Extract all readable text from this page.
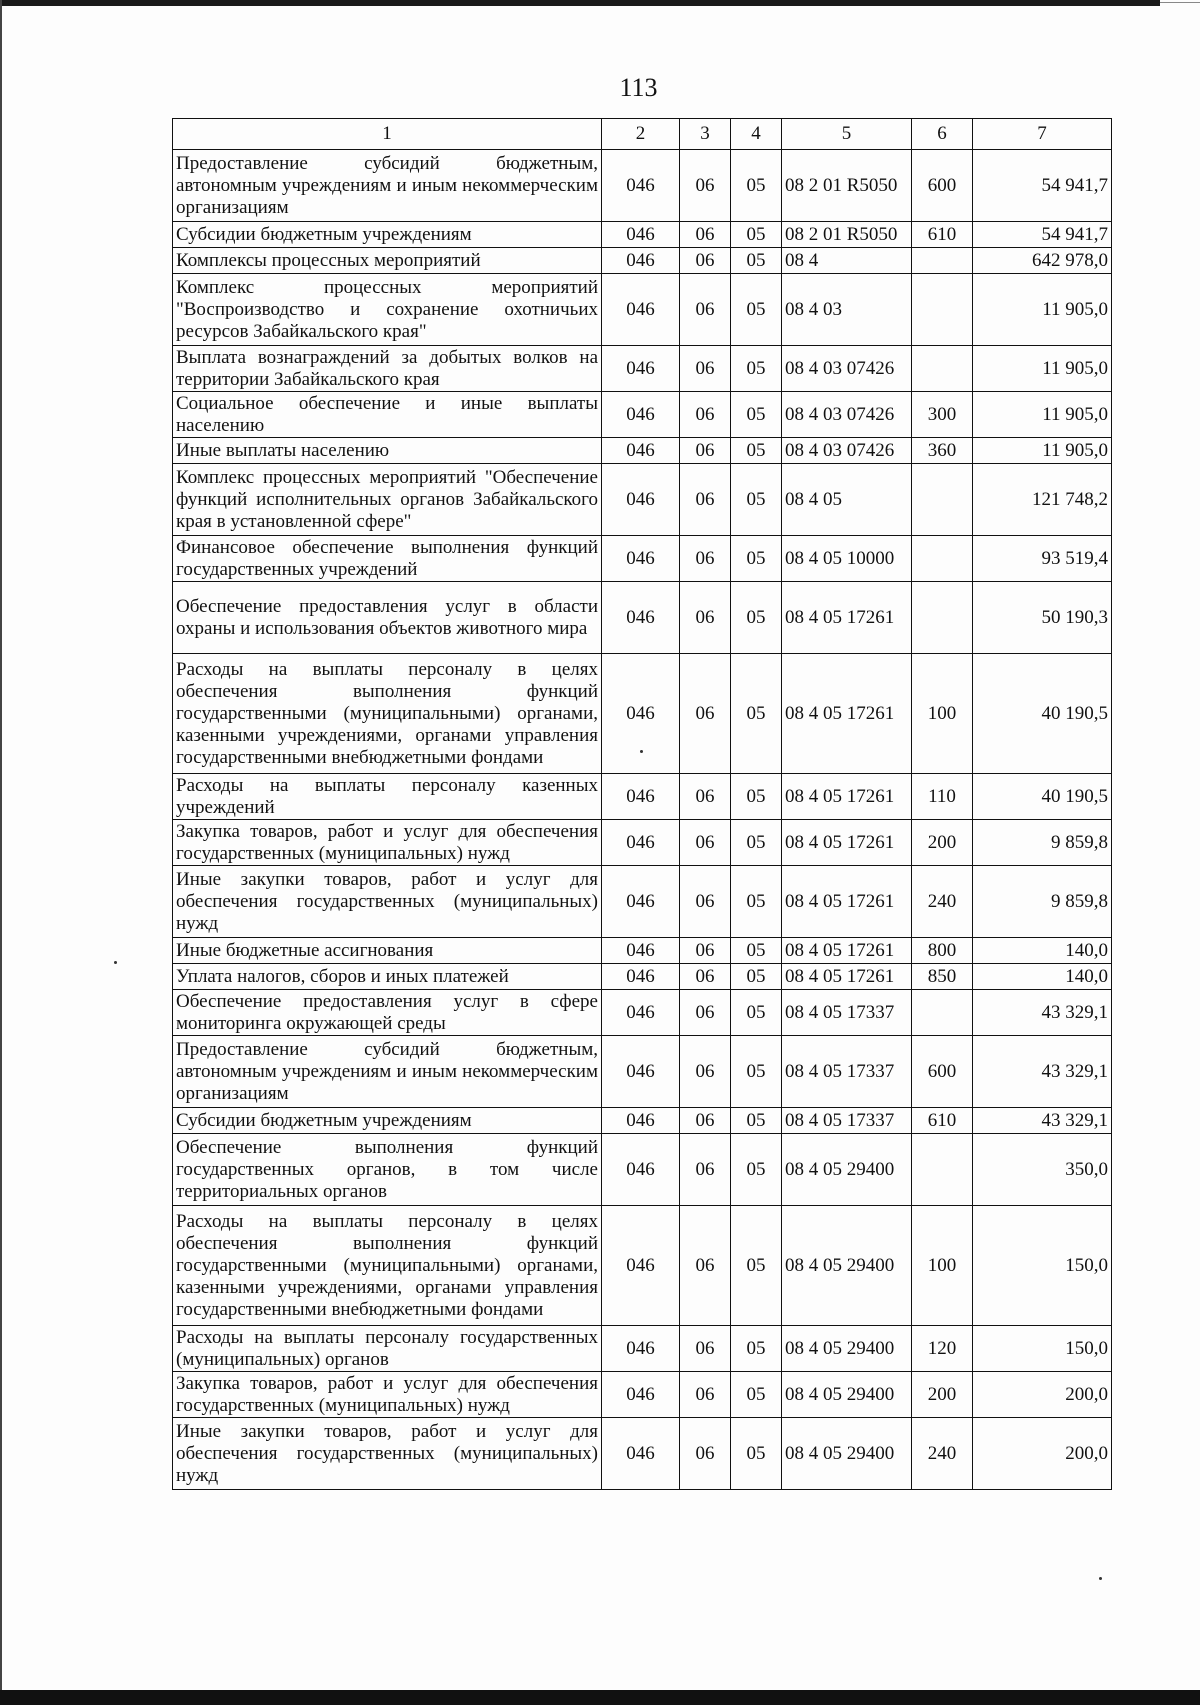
113
1	2	3	4	5	6	7
Предоставление субсидий бюджетным, автономным учреждениям и иным некоммерческим организациям	046	06	05	08 2 01 R5050	600	54 941,7
Субсидии бюджетным учреждениям	046	06	05	08 2 01 R5050	610	54 941,7
Комплексы процессных мероприятий	046	06	05	08 4		642 978,0
Комплекс процессных мероприятий "Воспроизводство и сохранение охотничьих ресурсов Забайкальского края"	046	06	05	08 4 03		11 905,0
Выплата вознаграждений за добытых волков на территории Забайкальского края	046	06	05	08 4 03 07426		11 905,0
Социальное обеспечение и иные выплаты населению	046	06	05	08 4 03 07426	300	11 905,0
Иные выплаты населению	046	06	05	08 4 03 07426	360	11 905,0
Комплекс процессных мероприятий "Обеспечение функций исполнительных органов Забайкальского края в установленной сфере"	046	06	05	08 4 05		121 748,2
Финансовое обеспечение выполнения функций государственных учреждений	046	06	05	08 4 05 10000		93 519,4
Обеспечение предоставления услуг в области охраны и использования объектов животного мира	046	06	05	08 4 05 17261		50 190,3
Расходы на выплаты персоналу в целях обеспечения выполнения функций государственными (муниципальными) органами, казенными учреждениями, органами управления государственными внебюджетными фондами	046	06	05	08 4 05 17261	100	40 190,5
Расходы на выплаты персоналу казенных учреждений	046	06	05	08 4 05 17261	110	40 190,5
Закупка товаров, работ и услуг для обеспечения государственных (муниципальных) нужд	046	06	05	08 4 05 17261	200	9 859,8
Иные закупки товаров, работ и услуг для обеспечения государственных (муниципальных) нужд	046	06	05	08 4 05 17261	240	9 859,8
Иные бюджетные ассигнования	046	06	05	08 4 05 17261	800	140,0
Уплата налогов, сборов и иных платежей	046	06	05	08 4 05 17261	850	140,0
Обеспечение предоставления услуг в сфере мониторинга окружающей среды	046	06	05	08 4 05 17337		43 329,1
Предоставление субсидий бюджетным, автономным учреждениям и иным некоммерческим организациям	046	06	05	08 4 05 17337	600	43 329,1
Субсидии бюджетным учреждениям	046	06	05	08 4 05 17337	610	43 329,1
Обеспечение выполнения функций государственных органов, в том числе территориальных органов	046	06	05	08 4 05 29400		350,0
Расходы на выплаты персоналу в целях обеспечения выполнения функций государственными (муниципальными) органами, казенными учреждениями, органами управления государственными внебюджетными фондами	046	06	05	08 4 05 29400	100	150,0
Расходы на выплаты персоналу государственных (муниципальных) органов	046	06	05	08 4 05 29400	120	150,0
Закупка товаров, работ и услуг для обеспечения государственных (муниципальных) нужд	046	06	05	08 4 05 29400	200	200,0
Иные закупки товаров, работ и услуг для обеспечения государственных (муниципальных) нужд	046	06	05	08 4 05 29400	240	200,0
